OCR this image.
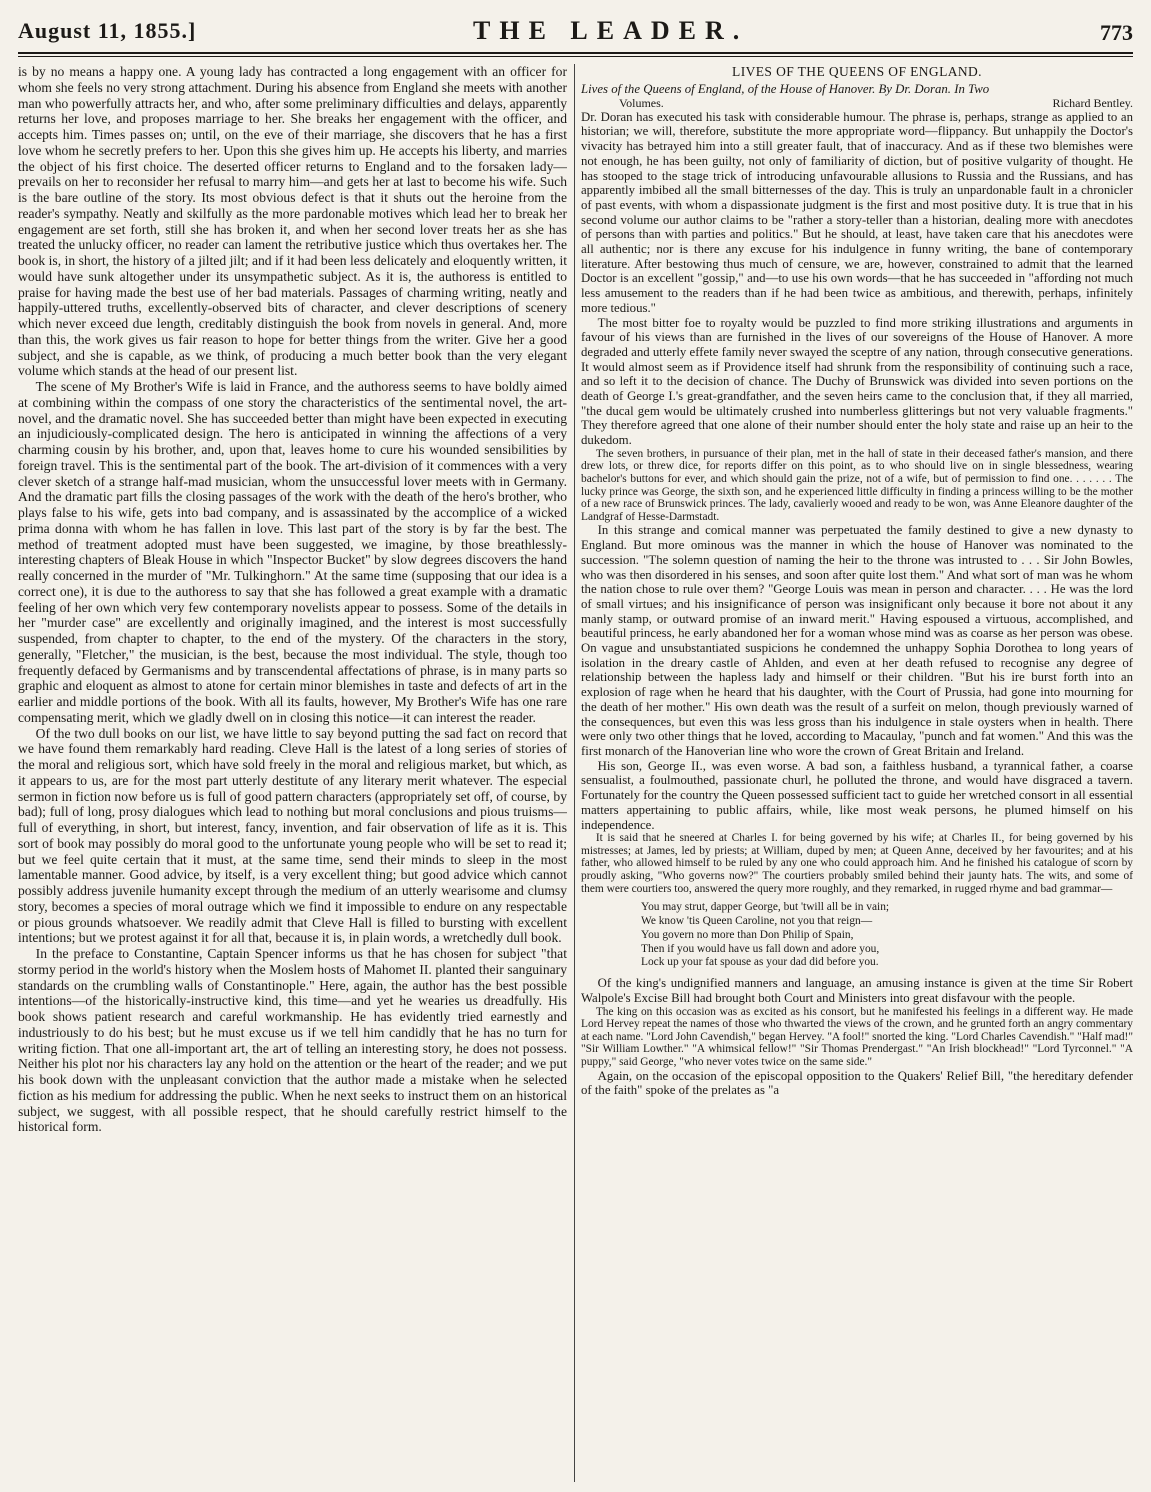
August 11, 1855.]	THE LEADER.	773

is by no means a happy one. A young lady has contracted a long engagement with an officer for whom she feels no very strong attachment. During his absence from England she meets with another man who powerfully attracts her, and who, after some preliminary difficulties and delays, apparently returns her love, and proposes marriage to her. She breaks her engagement with the officer, and accepts him. Times passes on; until, on the eve of their marriage, she discovers that he has a first love whom he secretly prefers to her. Upon this she gives him up. He accepts his liberty, and marries the object of his first choice. The deserted officer returns to England and to the forsaken lady—prevails on her to reconsider her refusal to marry him—and gets her at last to become his wife. Such is the bare outline of the story. Its most obvious defect is that it shuts out the heroine from the reader's sympathy. Neatly and skilfully as the more pardonable motives which lead her to break her engagement are set forth, still she has broken it, and when her second lover treats her as she has treated the unlucky officer, no reader can lament the retributive justice which thus overtakes her. The book is, in short, the history of a jilted jilt; and if it had been less delicately and eloquently written, it would have sunk altogether under its unsympathetic subject. As it is, the authoress is entitled to praise for having made the best use of her bad materials. Passages of charming writing, neatly and happily-uttered truths, excellently-observed bits of character, and clever descriptions of scenery which never exceed due length, creditably distinguish the book from novels in general. And, more than this, the work gives us fair reason to hope for better things from the writer. Give her a good subject, and she is capable, as we think, of producing a much better book than the very elegant volume which stands at the head of our present list.

The scene of My Brother's Wife is laid in France, and the authoress seems to have boldly aimed at combining within the compass of one story the characteristics of the sentimental novel, the art-novel, and the dramatic novel. She has succeeded better than might have been expected in executing an injudiciously-complicated design. The hero is anticipated in winning the affections of a very charming cousin by his brother, and, upon that, leaves home to cure his wounded sensibilities by foreign travel. This is the sentimental part of the book. The art-division of it commences with a very clever sketch of a strange half-mad musician, whom the unsuccessful lover meets with in Germany. And the dramatic part fills the closing passages of the work with the death of the hero's brother, who plays false to his wife, gets into bad company, and is assassinated by the accomplice of a wicked prima donna with whom he has fallen in love. This last part of the story is by far the best. The method of treatment adopted must have been suggested, we imagine, by those breathlessly-interesting chapters of Bleak House in which "Inspector Bucket" by slow degrees discovers the hand really concerned in the murder of "Mr. Tulkinghorn." At the same time (supposing that our idea is a correct one), it is due to the authoress to say that she has followed a great example with a dramatic feeling of her own which very few contemporary novelists appear to possess. Some of the details in her "murder case" are excellently and originally imagined, and the interest is most successfully suspended, from chapter to chapter, to the end of the mystery. Of the characters in the story, generally, "Fletcher," the musician, is the best, because the most individual. The style, though too frequently defaced by Germanisms and by transcendental affectations of phrase, is in many parts so graphic and eloquent as almost to atone for certain minor blemishes in taste and defects of art in the earlier and middle portions of the book. With all its faults, however, My Brother's Wife has one rare compensating merit, which we gladly dwell on in closing this notice—it can interest the reader.

Of the two dull books on our list, we have little to say beyond putting the sad fact on record that we have found them remarkably hard reading. Cleve Hall is the latest of a long series of stories of the moral and religious sort, which have sold freely in the moral and religious market, but which, as it appears to us, are for the most part utterly destitute of any literary merit whatever. The especial sermon in fiction now before us is full of good pattern characters (appropriately set off, of course, by bad); full of long, prosy dialogues which lead to nothing but moral conclusions and pious truisms—full of everything, in short, but interest, fancy, invention, and fair observation of life as it is. This sort of book may possibly do moral good to the unfortunate young people who will be set to read it; but we feel quite certain that it must, at the same time, send their minds to sleep in the most lamentable manner. Good advice, by itself, is a very excellent thing; but good advice which cannot possibly address juvenile humanity except through the medium of an utterly wearisome and clumsy story, becomes a species of moral outrage which we find it impossible to endure on any respectable or pious grounds whatsoever. We readily admit that Cleve Hall is filled to bursting with excellent intentions; but we protest against it for all that, because it is, in plain words, a wretchedly dull book.

In the preface to Constantine, Captain Spencer informs us that he has chosen for subject "that stormy period in the world's history when the Moslem hosts of Mahomet II. planted their sanguinary standards on the crumbling walls of Constantinople." Here, again, the author has the best possible intentions—of the historically-instructive kind, this time—and yet he wearies us dreadfully. His book shows patient research and careful workmanship. He has evidently tried earnestly and industriously to do his best; but he must excuse us if we tell him candidly that he has no turn for writing fiction. That one all-important art, the art of telling an interesting story, he does not possess. Neither his plot nor his characters lay any hold on the attention or the heart of the reader; and we put his book down with the unpleasant conviction that the author made a mistake when he selected fiction as his medium for addressing the public. When he next seeks to instruct them on an historical subject, we suggest, with all possible respect, that he should carefully restrict himself to the historical form.

LIVES OF THE QUEENS OF ENGLAND.

Lives of the Queens of England, of the House of Hanover. By Dr. Doran. In Two

Volumes.	Richard Bentley.

Dr. Doran has executed his task with considerable humour. The phrase is, perhaps, strange as applied to an historian; we will, therefore, substitute the more appropriate word—flippancy. But unhappily the Doctor's vivacity has betrayed him into a still greater fault, that of inaccuracy. And as if these two blemishes were not enough, he has been guilty, not only of familiarity of diction, but of positive vulgarity of thought. He has stooped to the stage trick of introducing unfavourable allusions to Russia and the Russians, and has apparently imbibed all the small bitternesses of the day. This is truly an unpardonable fault in a chronicler of past events, with whom a dispassionate judgment is the first and most positive duty. It is true that in his second volume our author claims to be "rather a story-teller than a historian, dealing more with anecdotes of persons than with parties and politics." But he should, at least, have taken care that his anecdotes were all authentic; nor is there any excuse for his indulgence in funny writing, the bane of contemporary literature. After bestowing thus much of censure, we are, however, constrained to admit that the learned Doctor is an excellent "gossip," and—to use his own words—that he has succeeded in "affording not much less amusement to the readers than if he had been twice as ambitious, and therewith, perhaps, infinitely more tedious."

The most bitter foe to royalty would be puzzled to find more striking illustrations and arguments in favour of his views than are furnished in the lives of our sovereigns of the House of Hanover. A more degraded and utterly effete family never swayed the sceptre of any nation, through consecutive generations. It would almost seem as if Providence itself had shrunk from the responsibility of continuing such a race, and so left it to the decision of chance. The Duchy of Brunswick was divided into seven portions on the death of George I.'s great-grandfather, and the seven heirs came to the conclusion that, if they all married, "the ducal gem would be ultimately crushed into numberless glitterings but not very valuable fragments." They therefore agreed that one alone of their number should enter the holy state and raise up an heir to the dukedom.

The seven brothers, in pursuance of their plan, met in the hall of state in their deceased father's mansion, and there drew lots, or threw dice, for reports differ on this point, as to who should live on in single blessedness, wearing bachelor's buttons for ever, and which should gain the prize, not of a wife, but of permission to find one. . . . . . . The lucky prince was George, the sixth son, and he experienced little difficulty in finding a princess willing to be the mother of a new race of Brunswick princes. The lady, cavalierly wooed and ready to be won, was Anne Eleanore daughter of the Landgraf of Hesse-Darmstadt.

In this strange and comical manner was perpetuated the family destined to give a new dynasty to England. But more ominous was the manner in which the house of Hanover was nominated to the succession. "The solemn question of naming the heir to the throne was intrusted to . . . Sir John Bowles, who was then disordered in his senses, and soon after quite lost them." And what sort of man was he whom the nation chose to rule over them? "George Louis was mean in person and character. . . . He was the lord of small virtues; and his insignificance of person was insignificant only because it bore not about it any manly stamp, or outward promise of an inward merit." Having espoused a virtuous, accomplished, and beautiful princess, he early abandoned her for a woman whose mind was as coarse as her person was obese. On vague and unsubstantiated suspicions he condemned the unhappy Sophia Dorothea to long years of isolation in the dreary castle of Ahlden, and even at her death refused to recognise any degree of relationship between the hapless lady and himself or their children. "But his ire burst forth into an explosion of rage when he heard that his daughter, with the Court of Prussia, had gone into mourning for the death of her mother." His own death was the result of a surfeit on melon, though previously warned of the consequences, but even this was less gross than his indulgence in stale oysters when in health. There were only two other things that he loved, according to Macaulay, "punch and fat women." And this was the first monarch of the Hanoverian line who wore the crown of Great Britain and Ireland.

His son, George II., was even worse. A bad son, a faithless husband, a tyrannical father, a coarse sensualist, a foulmouthed, passionate churl, he polluted the throne, and would have disgraced a tavern. Fortunately for the country the Queen possessed sufficient tact to guide her wretched consort in all essential matters appertaining to public affairs, while, like most weak persons, he plumed himself on his independence.

It is said that he sneered at Charles I. for being governed by his wife; at Charles II., for being governed by his mistresses; at James, led by priests; at William, duped by men; at Queen Anne, deceived by her favourites; and at his father, who allowed himself to be ruled by any one who could approach him. And he finished his catalogue of scorn by proudly asking, "Who governs now?" The courtiers probably smiled behind their jaunty hats. The wits, and some of them were courtiers too, answered the query more roughly, and they remarked, in rugged rhyme and bad grammar—

You may strut, dapper George, but 'twill all be in vain;
We know 'tis Queen Caroline, not you that reign—
You govern no more than Don Philip of Spain,
Then if you would have us fall down and adore you,
Lock up your fat spouse as your dad did before you.

Of the king's undignified manners and language, an amusing instance is given at the time Sir Robert Walpole's Excise Bill had brought both Court and Ministers into great disfavour with the people.

The king on this occasion was as excited as his consort, but he manifested his feelings in a different way. He made Lord Hervey repeat the names of those who thwarted the views of the crown, and he grunted forth an angry commentary at each name. "Lord John Cavendish," began Hervey. "A fool!" snorted the king. "Lord Charles Cavendish." "Half mad!" "Sir William Lowther." "A whimsical fellow!" "Sir Thomas Prendergast." "An Irish blockhead!" "Lord Tyrconnel." "A puppy," said George, "who never votes twice on the same side."

Again, on the occasion of the episcopal opposition to the Quakers' Relief Bill, "the hereditary defender of the faith" spoke of the prelates as "a
